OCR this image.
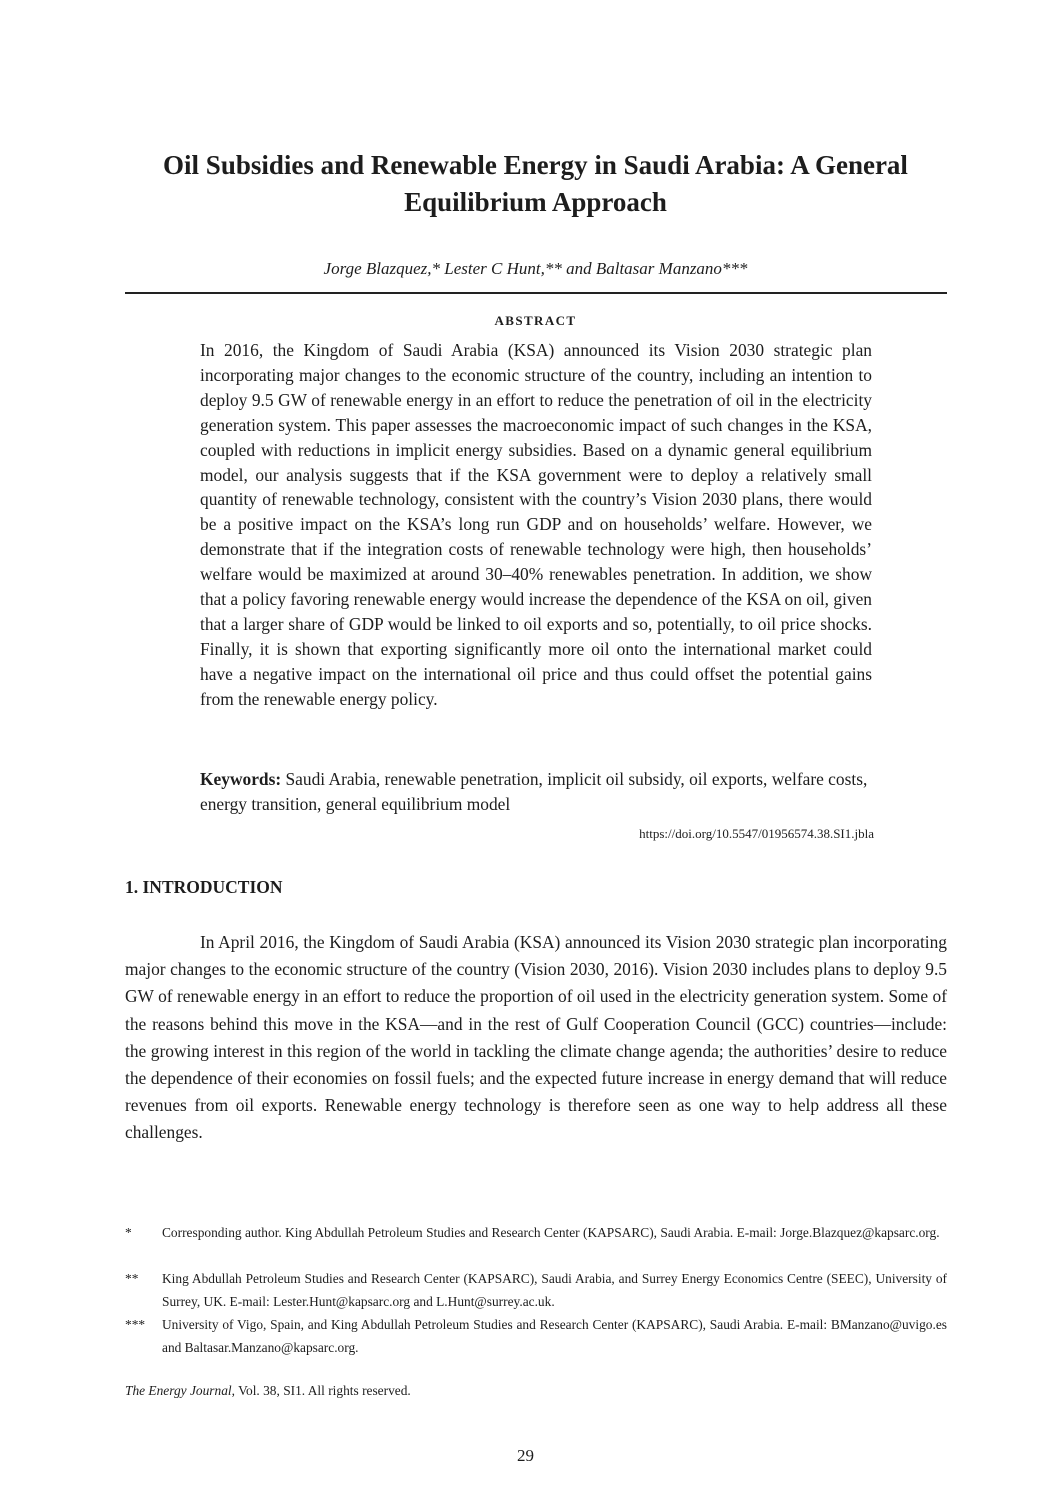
Oil Subsidies and Renewable Energy in Saudi Arabia: A General Equilibrium Approach
Jorge Blazquez,* Lester C Hunt,** and Baltasar Manzano***
ABSTRACT

In 2016, the Kingdom of Saudi Arabia (KSA) announced its Vision 2030 strategic plan incorporating major changes to the economic structure of the country, including an intention to deploy 9.5 GW of renewable energy in an effort to reduce the penetration of oil in the electricity generation system. This paper assesses the macroeconomic impact of such changes in the KSA, coupled with reductions in implicit energy subsidies. Based on a dynamic general equilibrium model, our analysis suggests that if the KSA government were to deploy a relatively small quantity of renewable technology, consistent with the country’s Vision 2030 plans, there would be a positive impact on the KSA’s long run GDP and on households’ welfare. However, we demonstrate that if the integration costs of renewable technology were high, then households’ welfare would be maximized at around 30–40% renewables penetration. In addition, we show that a policy favoring renewable energy would increase the dependence of the KSA on oil, given that a larger share of GDP would be linked to oil exports and so, potentially, to oil price shocks. Finally, it is shown that exporting significantly more oil onto the international market could have a negative impact on the international oil price and thus could offset the potential gains from the renewable energy policy.

Keywords: Saudi Arabia, renewable penetration, implicit oil subsidy, oil exports, welfare costs, energy transition, general equilibrium model

https://doi.org/10.5547/01956574.38.SI1.jbla
1. INTRODUCTION

In April 2016, the Kingdom of Saudi Arabia (KSA) announced its Vision 2030 strategic plan incorporating major changes to the economic structure of the country (Vision 2030, 2016). Vision 2030 includes plans to deploy 9.5 GW of renewable energy in an effort to reduce the proportion of oil used in the electricity generation system. Some of the reasons behind this move in the KSA—and in the rest of Gulf Cooperation Council (GCC) countries—include: the growing interest in this region of the world in tackling the climate change agenda; the authorities’ desire to reduce the dependence of their economies on fossil fuels; and the expected future increase in energy demand that will reduce revenues from oil exports. Renewable energy technology is therefore seen as one way to help address all these challenges.

* Corresponding author. King Abdullah Petroleum Studies and Research Center (KAPSARC), Saudi Arabia. E-mail: Jorge.Blazquez@kapsarc.org.
** King Abdullah Petroleum Studies and Research Center (KAPSARC), Saudi Arabia, and Surrey Energy Economics Centre (SEEC), University of Surrey, UK. E-mail: Lester.Hunt@kapsarc.org and L.Hunt@surrey.ac.uk.
*** University of Vigo, Spain, and King Abdullah Petroleum Studies and Research Center (KAPSARC), Saudi Arabia. E-mail: BManzano@uvigo.es and Baltasar.Manzano@kapsarc.org.
The Energy Journal, Vol. 38, SI1. All rights reserved.
29
